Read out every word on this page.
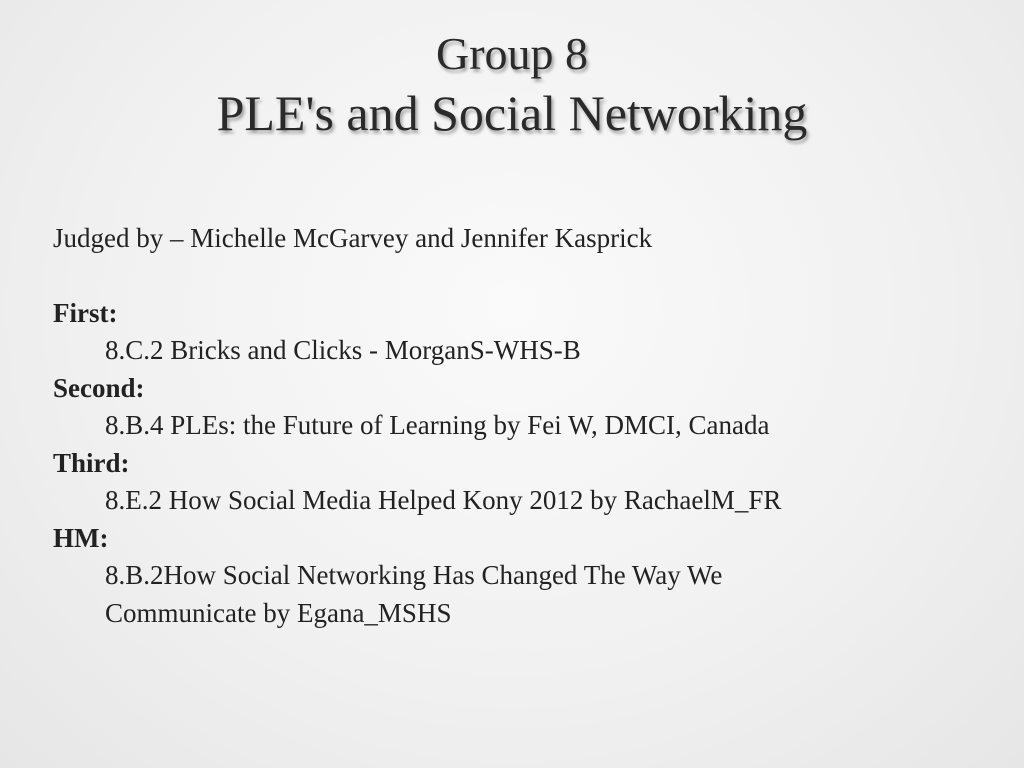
Group 8
PLE's and Social Networking
Judged by – Michelle McGarvey and Jennifer Kasprick
First:
8.C.2 Bricks and Clicks - MorganS-WHS-B
Second:
8.B.4 PLEs: the Future of Learning by Fei W, DMCI, Canada
Third:
8.E.2 How Social Media Helped Kony 2012 by RachaelM_FR
HM:
8.B.2How Social Networking Has Changed The Way We
Communicate by Egana_MSHS
